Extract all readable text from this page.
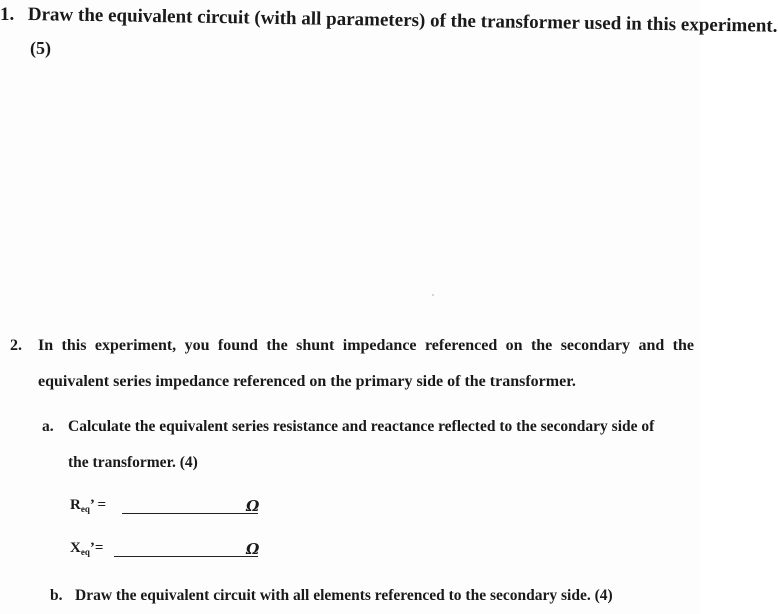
1. Draw the equivalent circuit (with all parameters) of the transformer used in this experiment.
(5)
2. In this experiment, you found the shunt impedance referenced on the secondary and the
equivalent series impedance referenced on the primary side of the transformer.
a. Calculate the equivalent series resistance and reactance reflected to the secondary side of
the transformer. (4)
$R_{eq}$’ =	Ω
$X_{eq}’=$	Ω
b. Draw the equivalent circuit with all elements referenced to the secondary side. (4)
